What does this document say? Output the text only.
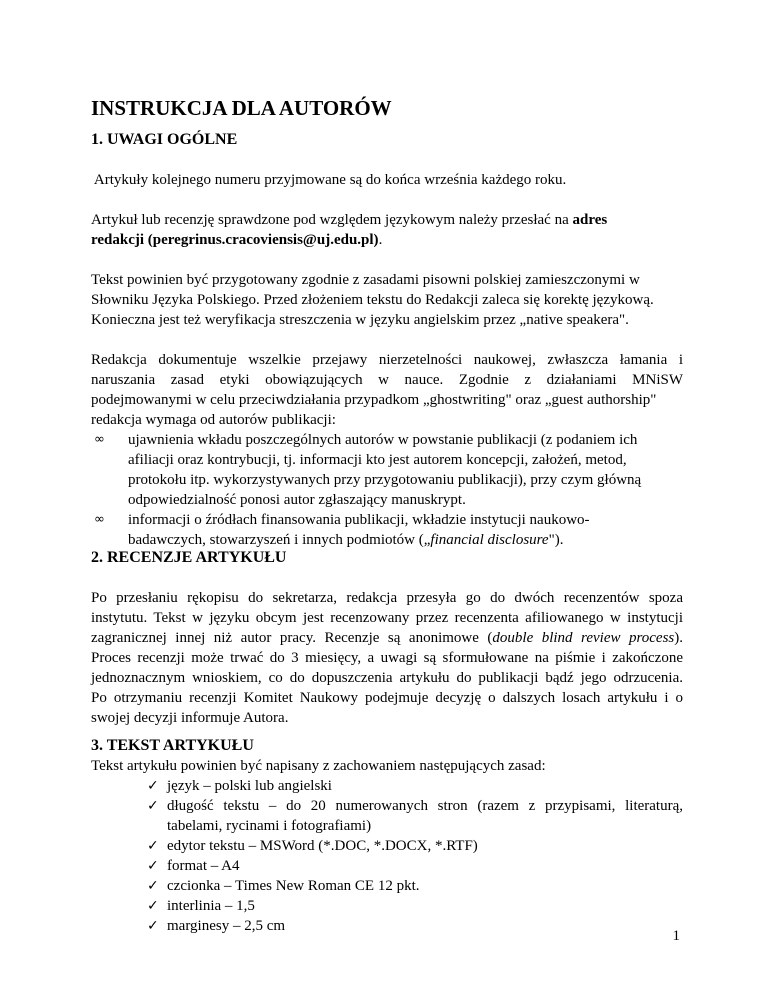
INSTRUKCJA DLA AUTORÓW
1. UWAGI OGÓLNE
Artykuły kolejnego numeru przyjmowane są do końca września każdego roku.
Artykuł lub recenzję sprawdzone pod względem językowym należy przesłać na adres
redakcji (peregrinus.cracoviensis@uj.edu.pl).
Tekst powinien być przygotowany zgodnie z zasadami pisowni polskiej zamieszczonymi w
Słowniku Języka Polskiego. Przed złożeniem tekstu do Redakcji zaleca się korektę językową.
Konieczna jest też weryfikacja streszczenia w języku angielskim przez „native speakera".
Redakcja dokumentuje wszelkie przejawy nierzetelności naukowej, zwłaszcza łamania i
naruszania zasad etyki obowiązujących w nauce. Zgodnie z działaniami MNiSW
podejmowanymi w celu przeciwdziałania przypadkom „ghostwriting" oraz „guest authorship"
redakcja wymaga od autorów publikacji:
∞ ujawnienia wkładu poszczególnych autorów w powstanie publikacji (z podaniem ich
afiliacji oraz kontrybucji, tj. informacji kto jest autorem koncepcji, założeń, metod,
protokołu itp. wykorzystywanych przy przygotowaniu publikacji), przy czym główną
odpowiedzialność ponosi autor zgłaszający manuskrypt.
∞ informacji o źródłach finansowania publikacji, wkładzie instytucji naukowo-
badawczych, stowarzyszeń i innych podmiotów („financial disclosure").
2. RECENZJE ARTYKUŁU
Po przesłaniu rękopisu do sekretarza, redakcja przesyła go do dwóch recenzentów spoza
instytutu. Tekst w języku obcym jest recenzowany przez recenzenta afiliowanego w instytucji
zagranicznej innej niż autor pracy. Recenzje są anonimowe (double blind review process).
Proces recenzji może trwać do 3 miesięcy, a uwagi są sformułowane na piśmie i zakończone
jednoznacznym wnioskiem, co do dopuszczenia artykułu do publikacji bądź jego odrzucenia.
Po otrzymaniu recenzji Komitet Naukowy podejmuje decyzję o dalszych losach artykułu i o
swojej decyzji informuje Autora.
3. TEKST ARTYKUŁU
Tekst artykułu powinien być napisany z zachowaniem następujących zasad:
✓ język – polski lub angielski
✓ długość tekstu – do 20 numerowanych stron (razem z przypisami, literaturą,
tabelami, rycinami i fotografiami)
✓ edytor tekstu – MSWord (*.DOC, *.DOCX, *.RTF)
✓ format – A4
✓ czcionka – Times New Roman CE 12 pkt.
✓ interlinia – 1,5
✓ marginesy – 2,5 cm
1
